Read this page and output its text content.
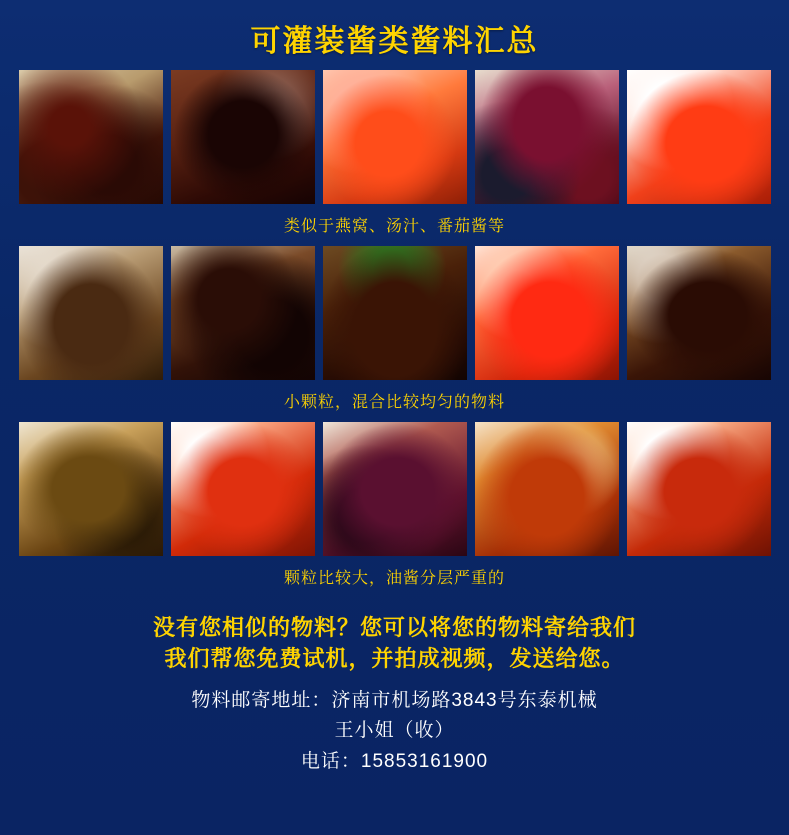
可灌装酱类酱料汇总
类似于燕窝、汤汁、番茄酱等
小颗粒，混合比较均匀的物料
颗粒比较大，油酱分层严重的
没有您相似的物料？您可以将您的物料寄给我们
我们帮您免费试机，并拍成视频，发送给您。
物料邮寄地址：济南市机场路3843号东泰机械
王小姐（收）
电话：15853161900
